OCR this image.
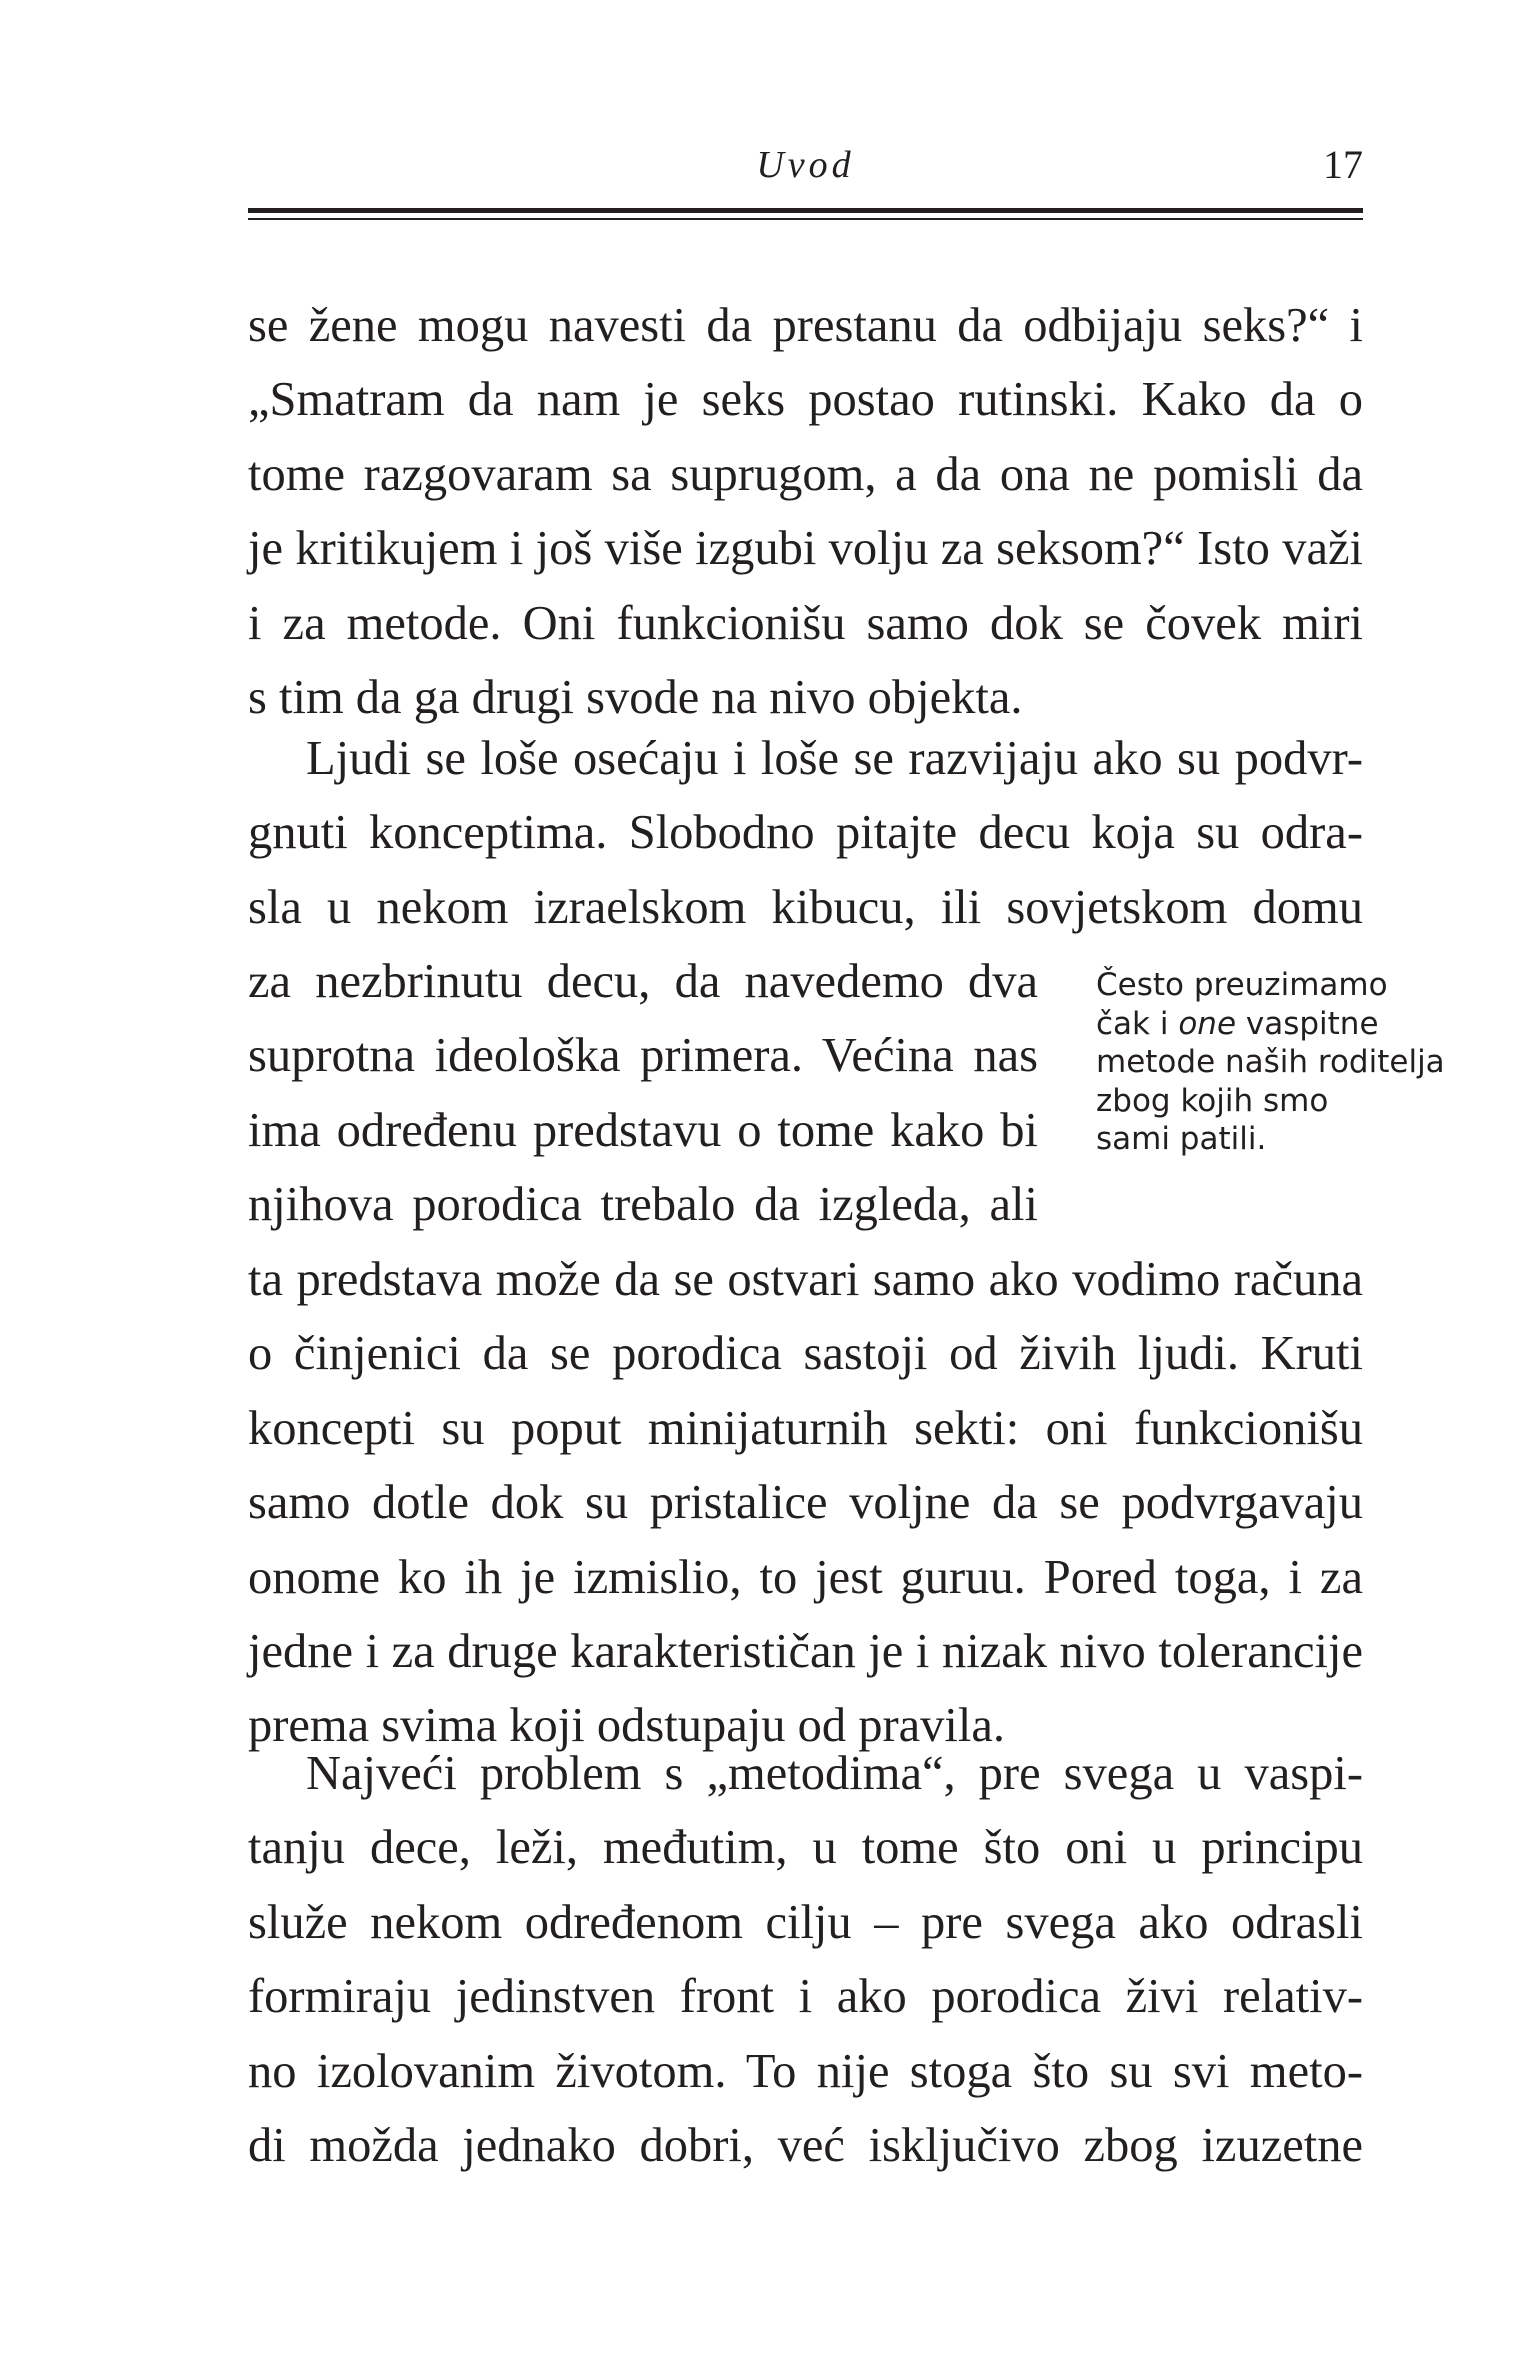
Uvod	17
se žene mogu navesti da prestanu da odbijaju seks?“ i
„Smatram da nam je seks postao rutinski. Kako da o
tome razgovaram sa suprugom, a da ona ne pomisli da
je kritikujem i još više izgubi volju za seksom?“ Isto važi
i za metode. Oni funkcionišu samo dok se čovek miri
s tim da ga drugi svode na nivo objekta.
Ljudi se loše osećaju i loše se razvijaju ako su podvr-
gnuti konceptima. Slobodno pitajte decu koja su odra-
sla u nekom izraelskom kibucu, ili sovjetskom domu
za nezbrinutu decu, da navedemo dva
suprotna ideološka primera. Većina nas
ima određenu predstavu o tome kako bi
njihova porodica trebalo da izgleda, ali
ta predstava može da se ostvari samo ako vodimo računa
o činjenici da se porodica sastoji od živih ljudi. Kruti
koncepti su poput minijaturnih sekti: oni funkcionišu
samo dotle dok su pristalice voljne da se podvrgavaju
onome ko ih je izmislio, to jest guruu. Pored toga, i za
jedne i za druge karakterističan je i nizak nivo tolerancije
prema svima koji odstupaju od pravila.
Najveći problem s „metodima“, pre svega u vaspi-
tanju dece, leži, međutim, u tome što oni u principu
služe nekom određenom cilju – pre svega ako odrasli
formiraju jedinstven front i ako porodica živi relativ-
no izolovanim životom. To nije stoga što su svi meto-
di možda jednako dobri, već isključivo zbog izuzetne
Često preuzimamo
čak i one vaspitne
metode naših roditelja
zbog kojih smo
sami patili.
